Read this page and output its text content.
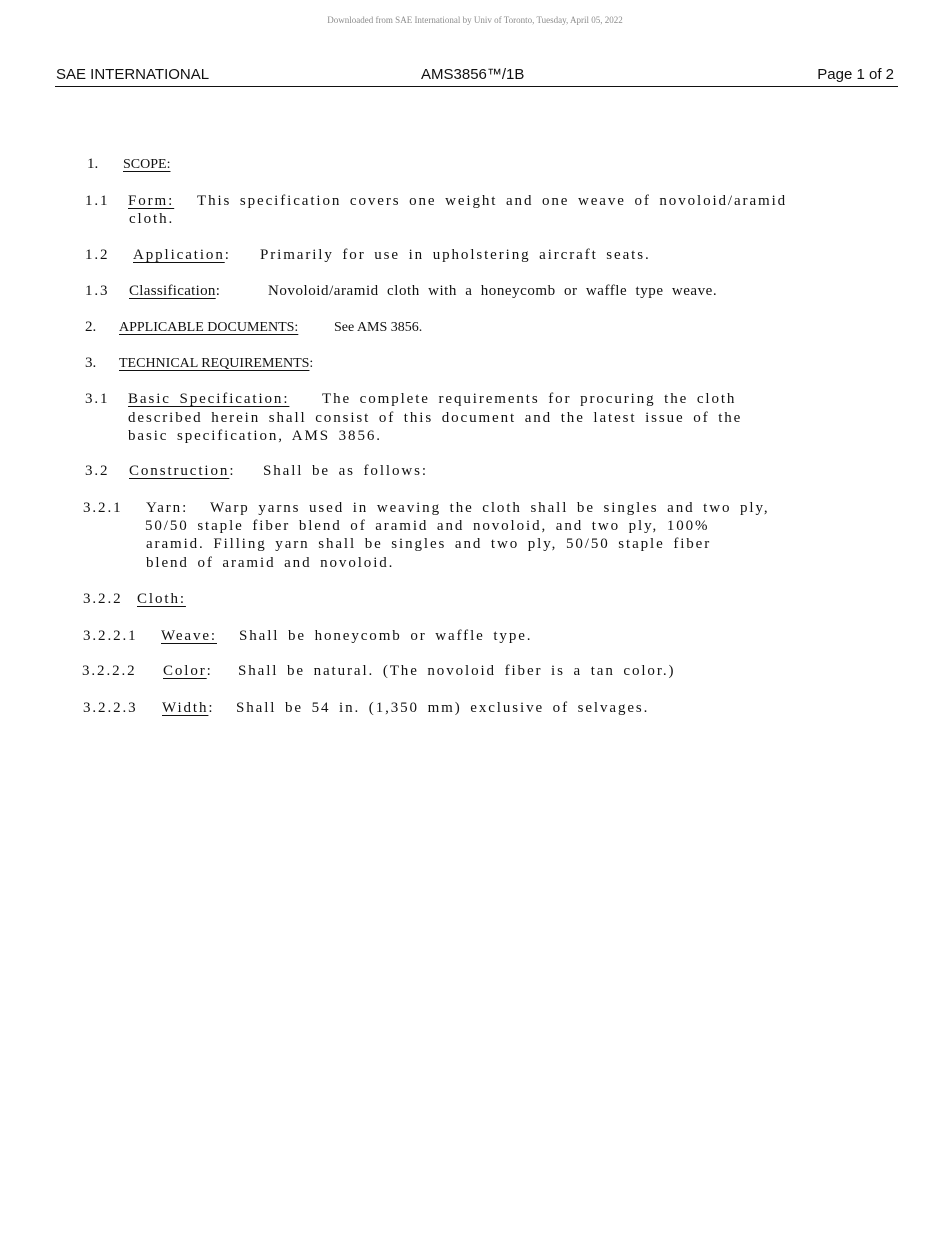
Downloaded from SAE International by Univ of Toronto, Tuesday, April 05, 2022
SAE INTERNATIONAL	AMS3856™/1B	Page 1 of 2
1. SCOPE:
1.1 Form: This specification covers one weight and one weave of novoloid/aramid
cloth.
1.2 Application: Primarily for use in upholstering aircraft seats.
1.3 Classification:	Novoloid/aramid cloth with a honeycomb or waffle type weave.
2. APPLICABLE DOCUMENTS:	See AMS 3856.
3. TECHNICAL REQUIREMENTS:
3.1 Basic Specification: The complete requirements for procuring the cloth
described herein shall consist of this document and the latest issue of the
basic specification, AMS 3856.
3.2 Construction: Shall be as follows:
3.2.1 Yarn: Warp yarns used in weaving the cloth shall be singles and two ply,
50/50 staple fiber blend of aramid and novoloid, and two ply, 100%
aramid. Filling yarn shall be singles and two ply, 50/50 staple fiber
blend of aramid and novoloid.
3.2.2 Cloth:
3.2.2.1 Weave: Shall be honeycomb or waffle type.
3.2.2.2 Color: Shall be natural. (The novoloid fiber is a tan color.)
3.2.2.3 Width: Shall be 54 in. (1,350 mm) exclusive of selvages.
